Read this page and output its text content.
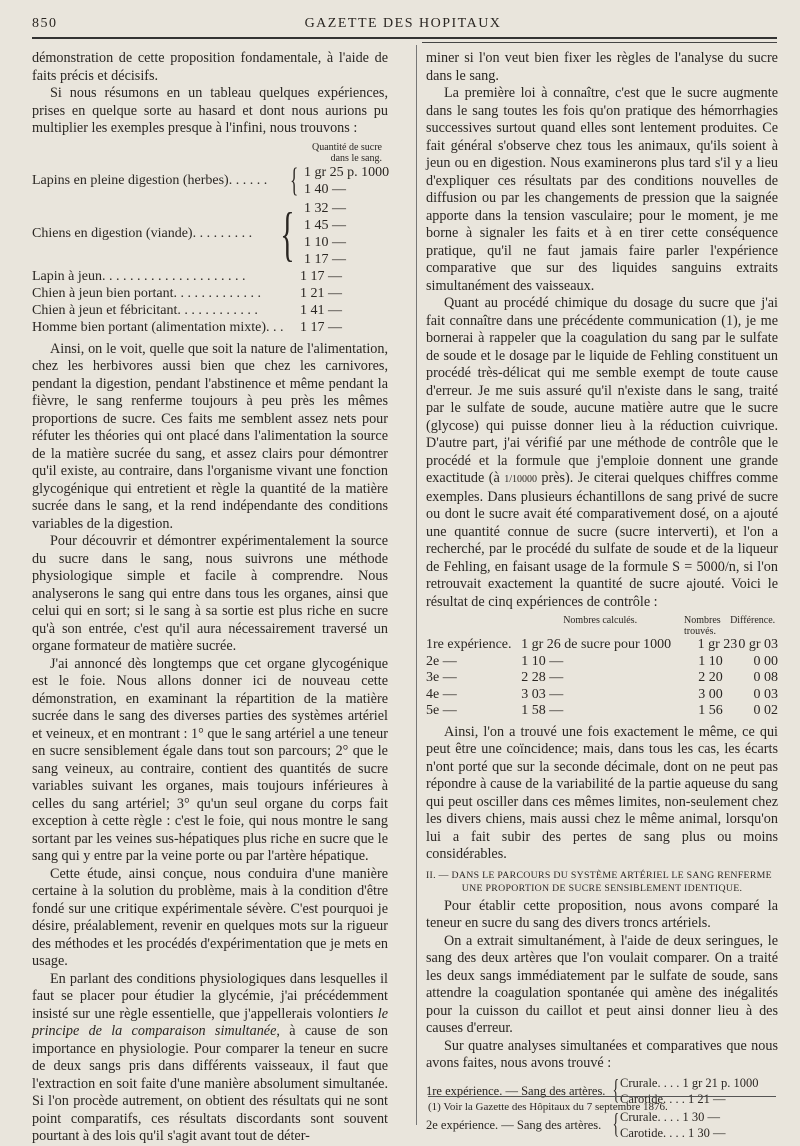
850	GAZETTE DES HOPITAUX

démonstration de cette proposition fondamentale, à l'aide de faits précis et décisifs.

Si nous résumons en un tableau quelques expériences, prises en quelque sorte au hasard et dont nous aurions pu multiplier les exemples presque à l'infini, nous trouvons :

Quantité de sucre
dans le sang.
Lapins en pleine digestion (herbes). . . . . . { 1 gr 25 p. 1000
1 40 —
Chiens en digestion (viande). . . . . . . . . { 1 32 —
1 45 —
1 10 —
1 17 —
Lapin à jeun. . . . . . . . . . . . . . . . . . . . .	1 17 —
Chien à jeun bien portant. . . . . . . . . . . . .	1 21 —
Chien à jeun et fébricitant. . . . . . . . . . . .	1 41 —
Homme bien portant (alimentation mixte). . .	1 17 —

Ainsi, on le voit, quelle que soit la nature de l'alimentation, chez les herbivores aussi bien que chez les carnivores, pendant la digestion, pendant l'abstinence et même pendant la fièvre, le sang renferme toujours à peu près les mêmes proportions de sucre. Ces faits me semblent assez nets pour réfuter les théories qui ont placé dans l'alimentation la source de la matière sucrée du sang, et assez clairs pour démontrer qu'il existe, au contraire, dans l'organisme vivant une fonction glycogénique qui entretient et règle la quantité de la matière sucrée dans le sang, et la rend indépendante des conditions variables de la digestion.

Pour découvrir et démontrer expérimentalement la source du sucre dans le sang, nous suivrons une méthode physiologique simple et facile à comprendre. Nous analyserons le sang qui entre dans tous les organes, ainsi que celui qui en sort; si le sang à sa sortie est plus riche en sucre qu'à son entrée, c'est qu'il aura nécessairement traversé un organe formateur de matière sucrée.

J'ai annoncé dès longtemps que cet organe glycogénique est le foie. Nous allons donner ici de nouveau cette démonstration, en examinant la répartition de la matière sucrée dans le sang des diverses parties des systèmes artériel et veineux, et en montrant : 1° que le sang artériel a une teneur en sucre sensiblement égale dans tout son parcours; 2° que le sang veineux, au contraire, contient des quantités de sucre variables suivant les organes, mais toujours inférieures à celles du sang artériel; 3° qu'un seul organe du corps fait exception à cette règle : c'est le foie, qui nous montre le sang sortant par les veines sus-hépatiques plus riche en sucre que le sang qui y entre par la veine porte ou par l'artère hépatique.

Cette étude, ainsi conçue, nous conduira d'une manière certaine à la solution du problème, mais à la condition d'être fondé sur une critique expérimentale sévère. C'est pourquoi je désire, préalablement, revenir en quelques mots sur la rigueur des méthodes et les procédés d'expérimentation que je mets en usage.

En parlant des conditions physiologiques dans lesquelles il faut se placer pour étudier la glycémie, j'ai précédemment insisté sur une règle essentielle, que j'appellerais volontiers le principe de la comparaison simultanée, à cause de son importance en physiologie. Pour comparer la teneur en sucre de deux sangs pris dans différents vaisseaux, il faut que l'extraction en soit faite d'une manière absolument simultanée. Si l'on procède autrement, on obtient des résultats qui ne sont point comparatifs, ces résultats discordants sont souvent pourtant à des lois qu'il s'agit avant tout de déter-

miner si l'on veut bien fixer les règles de l'analyse du sucre dans le sang.

La première loi à connaître, c'est que le sucre augmente dans le sang toutes les fois qu'on pratique des hémorrhagies successives surtout quand elles sont lentement produites. Ce fait général s'observe chez tous les animaux, qu'ils soient à jeun ou en digestion. Nous examinerons plus tard s'il y a lieu d'expliquer ces résultats par des conditions nouvelles de diffusion ou par les changements de pression que la saignée apporte dans la tension vasculaire; pour le moment, je me borne à signaler les faits et à en tirer cette conséquence pratique, qu'il ne faut jamais faire parler l'expérience comparative que sur des liquides sanguins extraits simultanément des vaisseaux.

Quant au procédé chimique du dosage du sucre que j'ai fait connaître dans une précédente communication (1), je me bornerai à rappeler que la coagulation du sang par le sulfate de soude et le dosage par le liquide de Fehling constituent un procédé très-délicat qui me semble exempt de toute cause d'erreur. Je me suis assuré qu'il n'existe dans le sang, traité par le sulfate de soude, aucune matière autre que le sucre (glycose) qui puisse donner lieu à la réduction cuivrique. D'autre part, j'ai vérifié par une méthode de contrôle que le procédé et la formule que j'emploie donnent une grande exactitude (à 1/10000 près). Je citerai quelques chiffres comme exemples. Dans plusieurs échantillons de sang privé de sucre ou dont le sucre avait été comparativement dosé, on a ajouté une quantité connue de sucre (sucre interverti), et l'on a recherché, par le procédé du sulfate de soude et de la liqueur de Fehling, en faisant usage de la formule S = 5000/n, si l'on retrouvait exactement la quantité de sucre ajouté. Voici le résultat de cinq expériences de contrôle :

Nombres calculés.	Nombres trouvés.
Différence.
1re expérience. 1 gr 26 de sucre pour 1000	1 gr 23 0 gr 03
2e —	1 10 —	1 10	0 00
3e —	2 28 —	2 20	0 08
4e —	3 03 —	3 00	0 03
5e —	1 58 —	1 56	0 02

Ainsi, l'on a trouvé une fois exactement le même, ce qui peut être une coïncidence; mais, dans tous les cas, les écarts n'ont porté que sur la seconde décimale, dont on ne peut pas répondre à cause de la variabilité de la partie aqueuse du sang qui peut osciller dans ces mêmes limites, non-seulement chez les divers chiens, mais aussi chez le même animal, lorsqu'on lui a fait subir des pertes de sang plus ou moins considérables.

II. — DANS LE PARCOURS DU SYSTÈME ARTÉRIEL LE SANG RENFERME
UNE PROPORTION DE SUCRE SENSIBLEMENT IDENTIQUE.

Pour établir cette proposition, nous avons comparé la teneur en sucre du sang des divers troncs artériels.

On a extrait simultanément, à l'aide de deux seringues, le sang des deux artères que l'on voulait comparer. On a traité les deux sangs immédiatement par le sulfate de soude, sans attendre la coagulation spontanée qui amène des inégalités pour la cuisson du caillot et peut ainsi donner lieu à des causes d'erreur.

Sur quatre analyses simultanées et comparatives que nous avons faites, nous avons trouvé :

1re expérience. — Sang des artères. { Crurale. . . . 1 gr 21 p. 1000
Carotide. . . . 1 21 —
2e expérience. — Sang des artères. { Crurale. . . . 1 30 —
Carotide. . . . 1 30 —
(1) Voir la Gazette des Hôpitaux du 7 septembre 1876.
